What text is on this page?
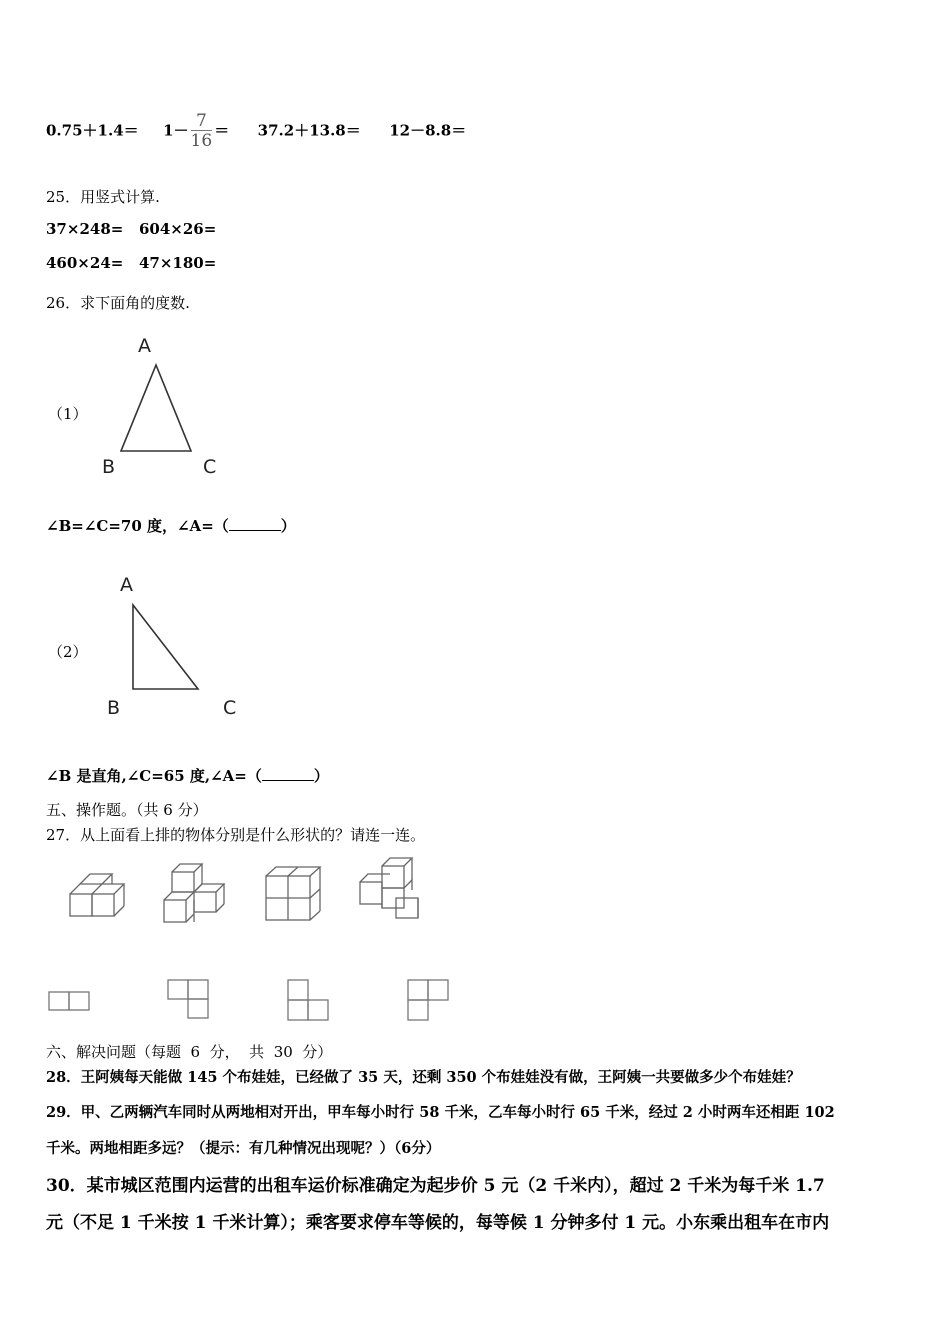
$0.75+1.4= 1- \frac{7}{16} = 37.2+13.8= 12-8.8=$
25．用竖式计算.
37×248=   604×26=
460×24=   47×180=
26．求下面角的度数.
（1）
A
B	C
∠B=∠C=70 度，∠A=（	）
（2）
A
B	C
∠B 是直角,∠C=65 度,∠A=（	）
五、操作题。（共 6 分）
27．从上面看上排的物体分别是什么形状的？请连一连。
六、解决问题（每题  6  分，  共  30  分）
28．王阿姨每天能做 145 个布娃娃，已经做了 35 天，还剩 350 个布娃娃没有做，王阿姨一共要做多少个布娃娃？
29．甲、乙两辆汽车同时从两地相对开出，甲车每小时行 58 千米，乙车每小时行 65 千米，经过 2 小时两车还相距 102
千米。两地相距多远？（提示：有几种情况出现呢？）（6分）
30．某市城区范围内运营的出租车运价标准确定为起步价 5 元（2 千米内），超过 2 千米为每千米 1.7
元（不足 1 千米按 1 千米计算）；乘客要求停车等候的，每等候 1 分钟多付 1 元。小东乘出租车在市内
